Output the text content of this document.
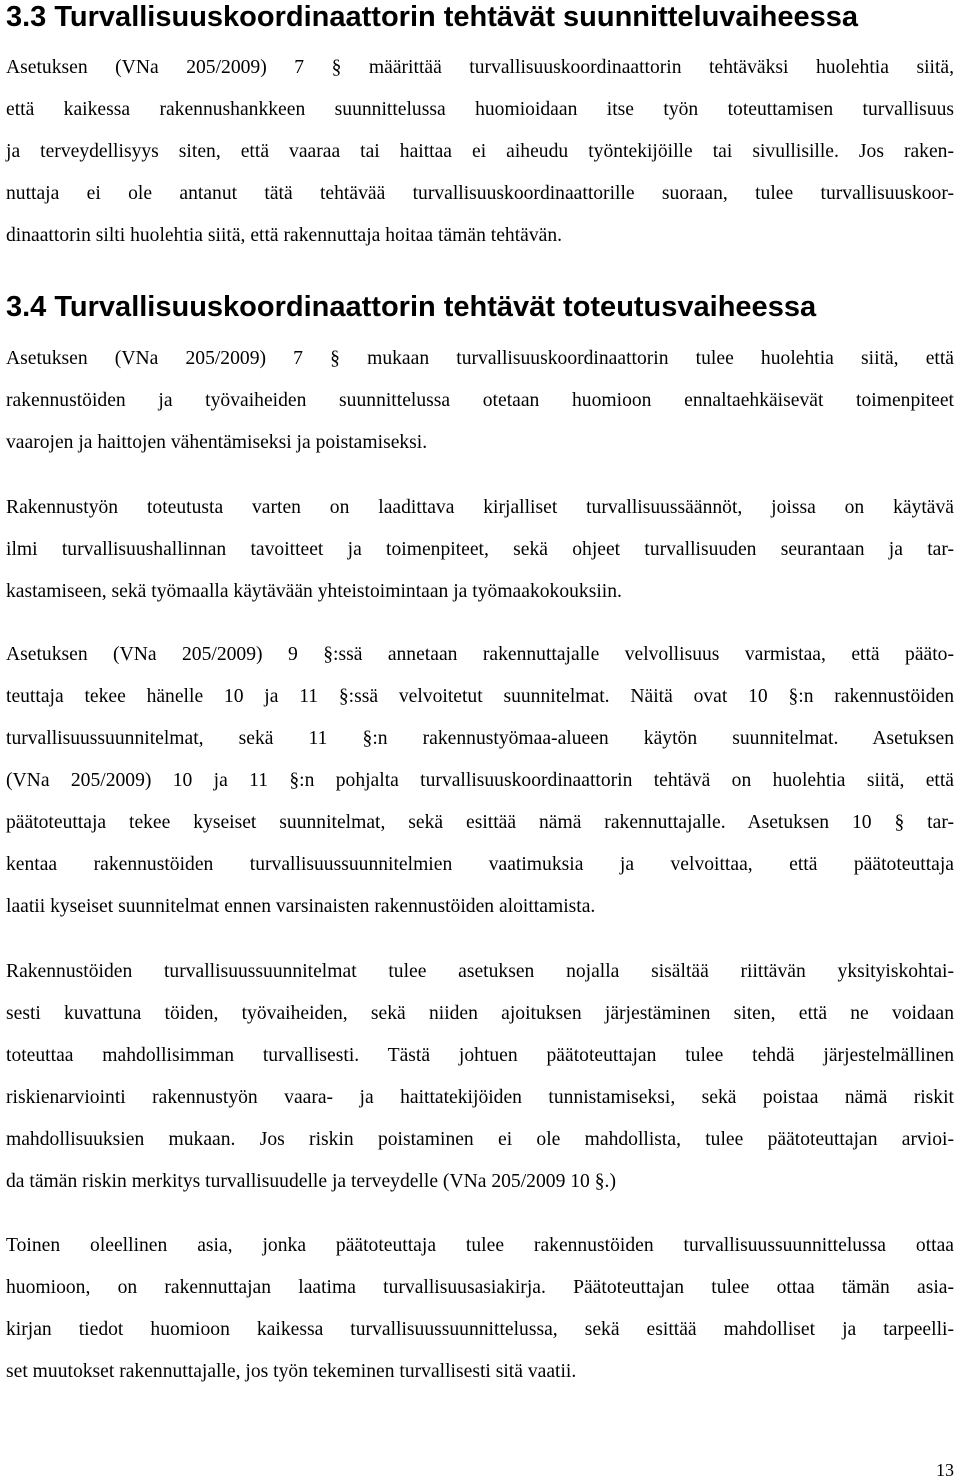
3.3 Turvallisuuskoordinaattorin tehtävät suunnitteluvaiheessa
Asetuksen (VNa 205/2009) 7 § määrittää turvallisuuskoordinaattorin tehtäväksi huolehtia siitä,
että kaikessa rakennushankkeen suunnittelussa huomioidaan itse työn toteuttamisen turvallisuus
ja terveydellisyys siten, että vaaraa tai haittaa ei aiheudu työntekijöille tai sivullisille. Jos raken-
nuttaja ei ole antanut tätä tehtävää turvallisuuskoordinaattorille suoraan, tulee turvallisuuskoor-
dinaattorin silti huolehtia siitä, että rakennuttaja hoitaa tämän tehtävän.
3.4 Turvallisuuskoordinaattorin tehtävät toteutusvaiheessa
Asetuksen (VNa 205/2009) 7 § mukaan turvallisuuskoordinaattorin tulee huolehtia siitä, että
rakennustöiden ja työvaiheiden suunnittelussa otetaan huomioon ennaltaehkäisevät toimenpiteet
vaarojen ja haittojen vähentämiseksi ja poistamiseksi.
Rakennustyön toteutusta varten on laadittava kirjalliset turvallisuussäännöt, joissa on käytävä
ilmi turvallisuushallinnan tavoitteet ja toimenpiteet, sekä ohjeet turvallisuuden seurantaan ja tar-
kastamiseen, sekä työmaalla käytävään yhteistoimintaan ja työmaakokouksiin.
Asetuksen (VNa 205/2009) 9 §:ssä annetaan rakennuttajalle velvollisuus varmistaa, että pääto-
teuttaja tekee hänelle 10 ja 11 §:ssä velvoitetut suunnitelmat. Näitä ovat 10 §:n rakennustöiden
turvallisuussuunnitelmat, sekä 11 §:n rakennustyömaa-alueen käytön suunnitelmat. Asetuksen
(VNa 205/2009) 10 ja 11 §:n pohjalta turvallisuuskoordinaattorin tehtävä on huolehtia siitä, että
päätoteuttaja tekee kyseiset suunnitelmat, sekä esittää nämä rakennuttajalle. Asetuksen 10 § tar-
kentaa rakennustöiden turvallisuussuunnitelmien vaatimuksia ja velvoittaa, että päätoteuttaja
laatii kyseiset suunnitelmat ennen varsinaisten rakennustöiden aloittamista.
Rakennustöiden turvallisuussuunnitelmat tulee asetuksen nojalla sisältää riittävän yksityiskohtai-
sesti kuvattuna töiden, työvaiheiden, sekä niiden ajoituksen järjestäminen siten, että ne voidaan
toteuttaa mahdollisimman turvallisesti. Tästä johtuen päätoteuttajan tulee tehdä järjestelmällinen
riskienarviointi rakennustyön vaara- ja haittatekijöiden tunnistamiseksi, sekä poistaa nämä riskit
mahdollisuuksien mukaan. Jos riskin poistaminen ei ole mahdollista, tulee päätoteuttajan arvioi-
da tämän riskin merkitys turvallisuudelle ja terveydelle (VNa 205/2009 10 §.)
Toinen oleellinen asia, jonka päätoteuttaja tulee rakennustöiden turvallisuussuunnittelussa ottaa
huomioon, on rakennuttajan laatima turvallisuusasiakirja. Päätoteuttajan tulee ottaa tämän asia-
kirjan tiedot huomioon kaikessa turvallisuussuunnittelussa, sekä esittää mahdolliset ja tarpeelli-
set muutokset rakennuttajalle, jos työn tekeminen turvallisesti sitä vaatii.
13
